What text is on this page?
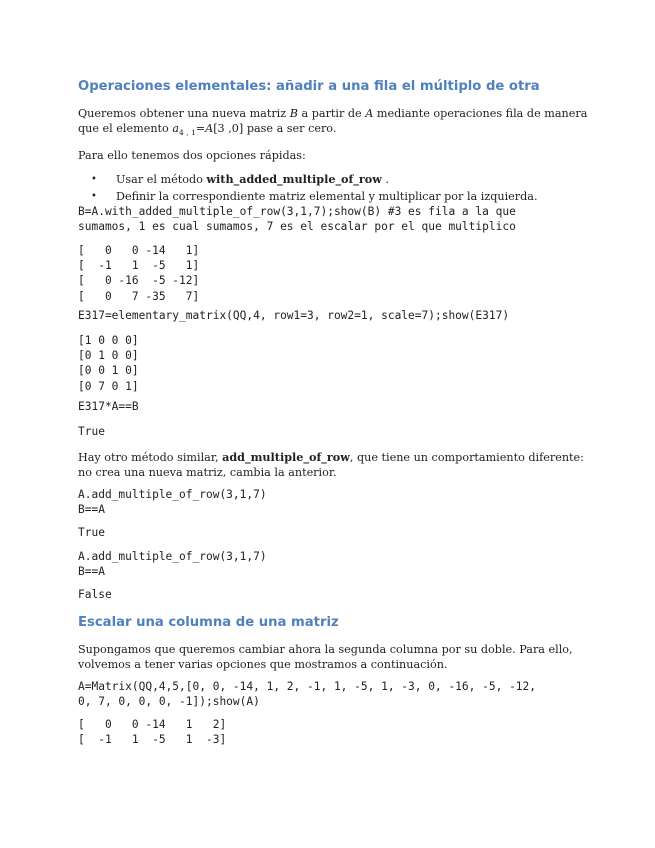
Operaciones elementales: añadir a una fila el múltiplo de otra
Queremos obtener una nueva matriz B a partir de A mediante operaciones fila de manera
que el elemento $a_{4 , 1}=A[3$ ,0] pase a ser cero.
Para ello tenemos dos opciones rápidas:
• Usar el método with_added_multiple_of_row .
• Definir la correspondiente matriz elemental y multiplicar por la izquierda.
B=A.with_added_multiple_of_row(3,1,7);show(B) #3 es fila a la que
sumamos, 1 es cual sumamos, 7 es el escalar por el que multiplico
[   0   0 -14   1]
[  -1   1  -5   1]
[   0 -16  -5 -12]
[   0   7 -35   7]
E317=elementary_matrix(QQ,4, row1=3, row2=1, scale=7);show(E317)
[1 0 0 0]
[0 1 0 0]
[0 0 1 0]
[0 7 0 1]
E317*A==B
True
Hay otro método similar, add_multiple_of_row, que tiene un comportamiento diferente:
no crea una nueva matriz, cambia la anterior.
A.add_multiple_of_row(3,1,7)
B==A
True
A.add_multiple_of_row(3,1,7)
B==A
False
Escalar una columna de una matriz
Supongamos que queremos cambiar ahora la segunda columna por su doble. Para ello,
volvemos a tener varias opciones que mostramos a continuación.
A=Matrix(QQ,4,5,[0, 0, -14, 1, 2, -1, 1, -5, 1, -3, 0, -16, -5, -12,
0, 7, 0, 0, 0, -1]);show(A)
[   0   0 -14   1   2]
[  -1   1  -5   1  -3]
